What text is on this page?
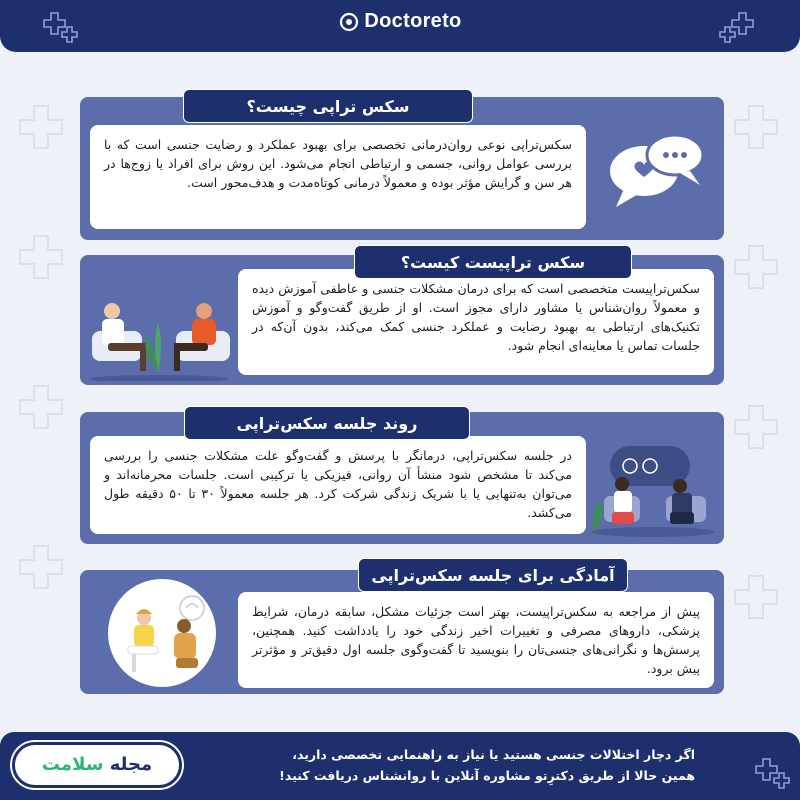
Doctoreto
سکس‌تراپی نوعی روان‌درمانی تخصصی برای بهبود عملکرد و رضایت جنسی است که با بررسی عوامل روانی، جسمی و ارتباطی انجام می‌شود. این روش برای افراد یا زوج‌ها در هر سن و گرایش مؤثر بوده و معمولاً درمانی کوتاه‌مدت و هدف‌محور است.
سکس تراپی چیست؟
سکس‌تراپیست متخصصی است که برای درمان مشکلات جنسی و عاطفی آموزش دیده و معمولاً روان‌شناس یا مشاور دارای مجوز است. او از طریق گفت‌وگو و آموزش تکنیک‌های ارتباطی به بهبود رضایت و عملکرد جنسی کمک می‌کند، بدون آن‌که در جلسات تماس یا معاینه‌ای انجام شود.
سکس تراپیست کیست؟
در جلسه سکس‌تراپی، درمانگر با پرسش و گفت‌وگو علت مشکلات جنسی را بررسی می‌کند تا مشخص شود منشأ آن روانی، فیزیکی یا ترکیبی است. جلسات محرمانه‌اند و می‌توان به‌تنهایی یا با شریک زندگی شرکت کرد. هر جلسه معمولاً ۳۰ تا ۵۰ دقیقه طول می‌کشد.
روند جلسه سکس‌تراپی
پیش از مراجعه به سکس‌تراپیست، بهتر است جزئیات مشکل، سابقه درمان، شرایط پزشکی، داروهای مصرفی و تغییرات اخیر زندگی خود را یادداشت کنید. همچنین، پرسش‌ها و نگرانی‌های جنسی‌تان را بنویسید تا گفت‌وگوی جلسه اول دقیق‌تر و مؤثرتر پیش برود.
آمادگی برای جلسه سکس‌تراپی
اگر دچار اختلالات جنسی هستید یا نیاز به راهنمایی تخصصی دارید،
همین حالا از طریق دکترِتو مشاوره آنلاین با روانشناس دریافت کنید!
مجله سلامت
